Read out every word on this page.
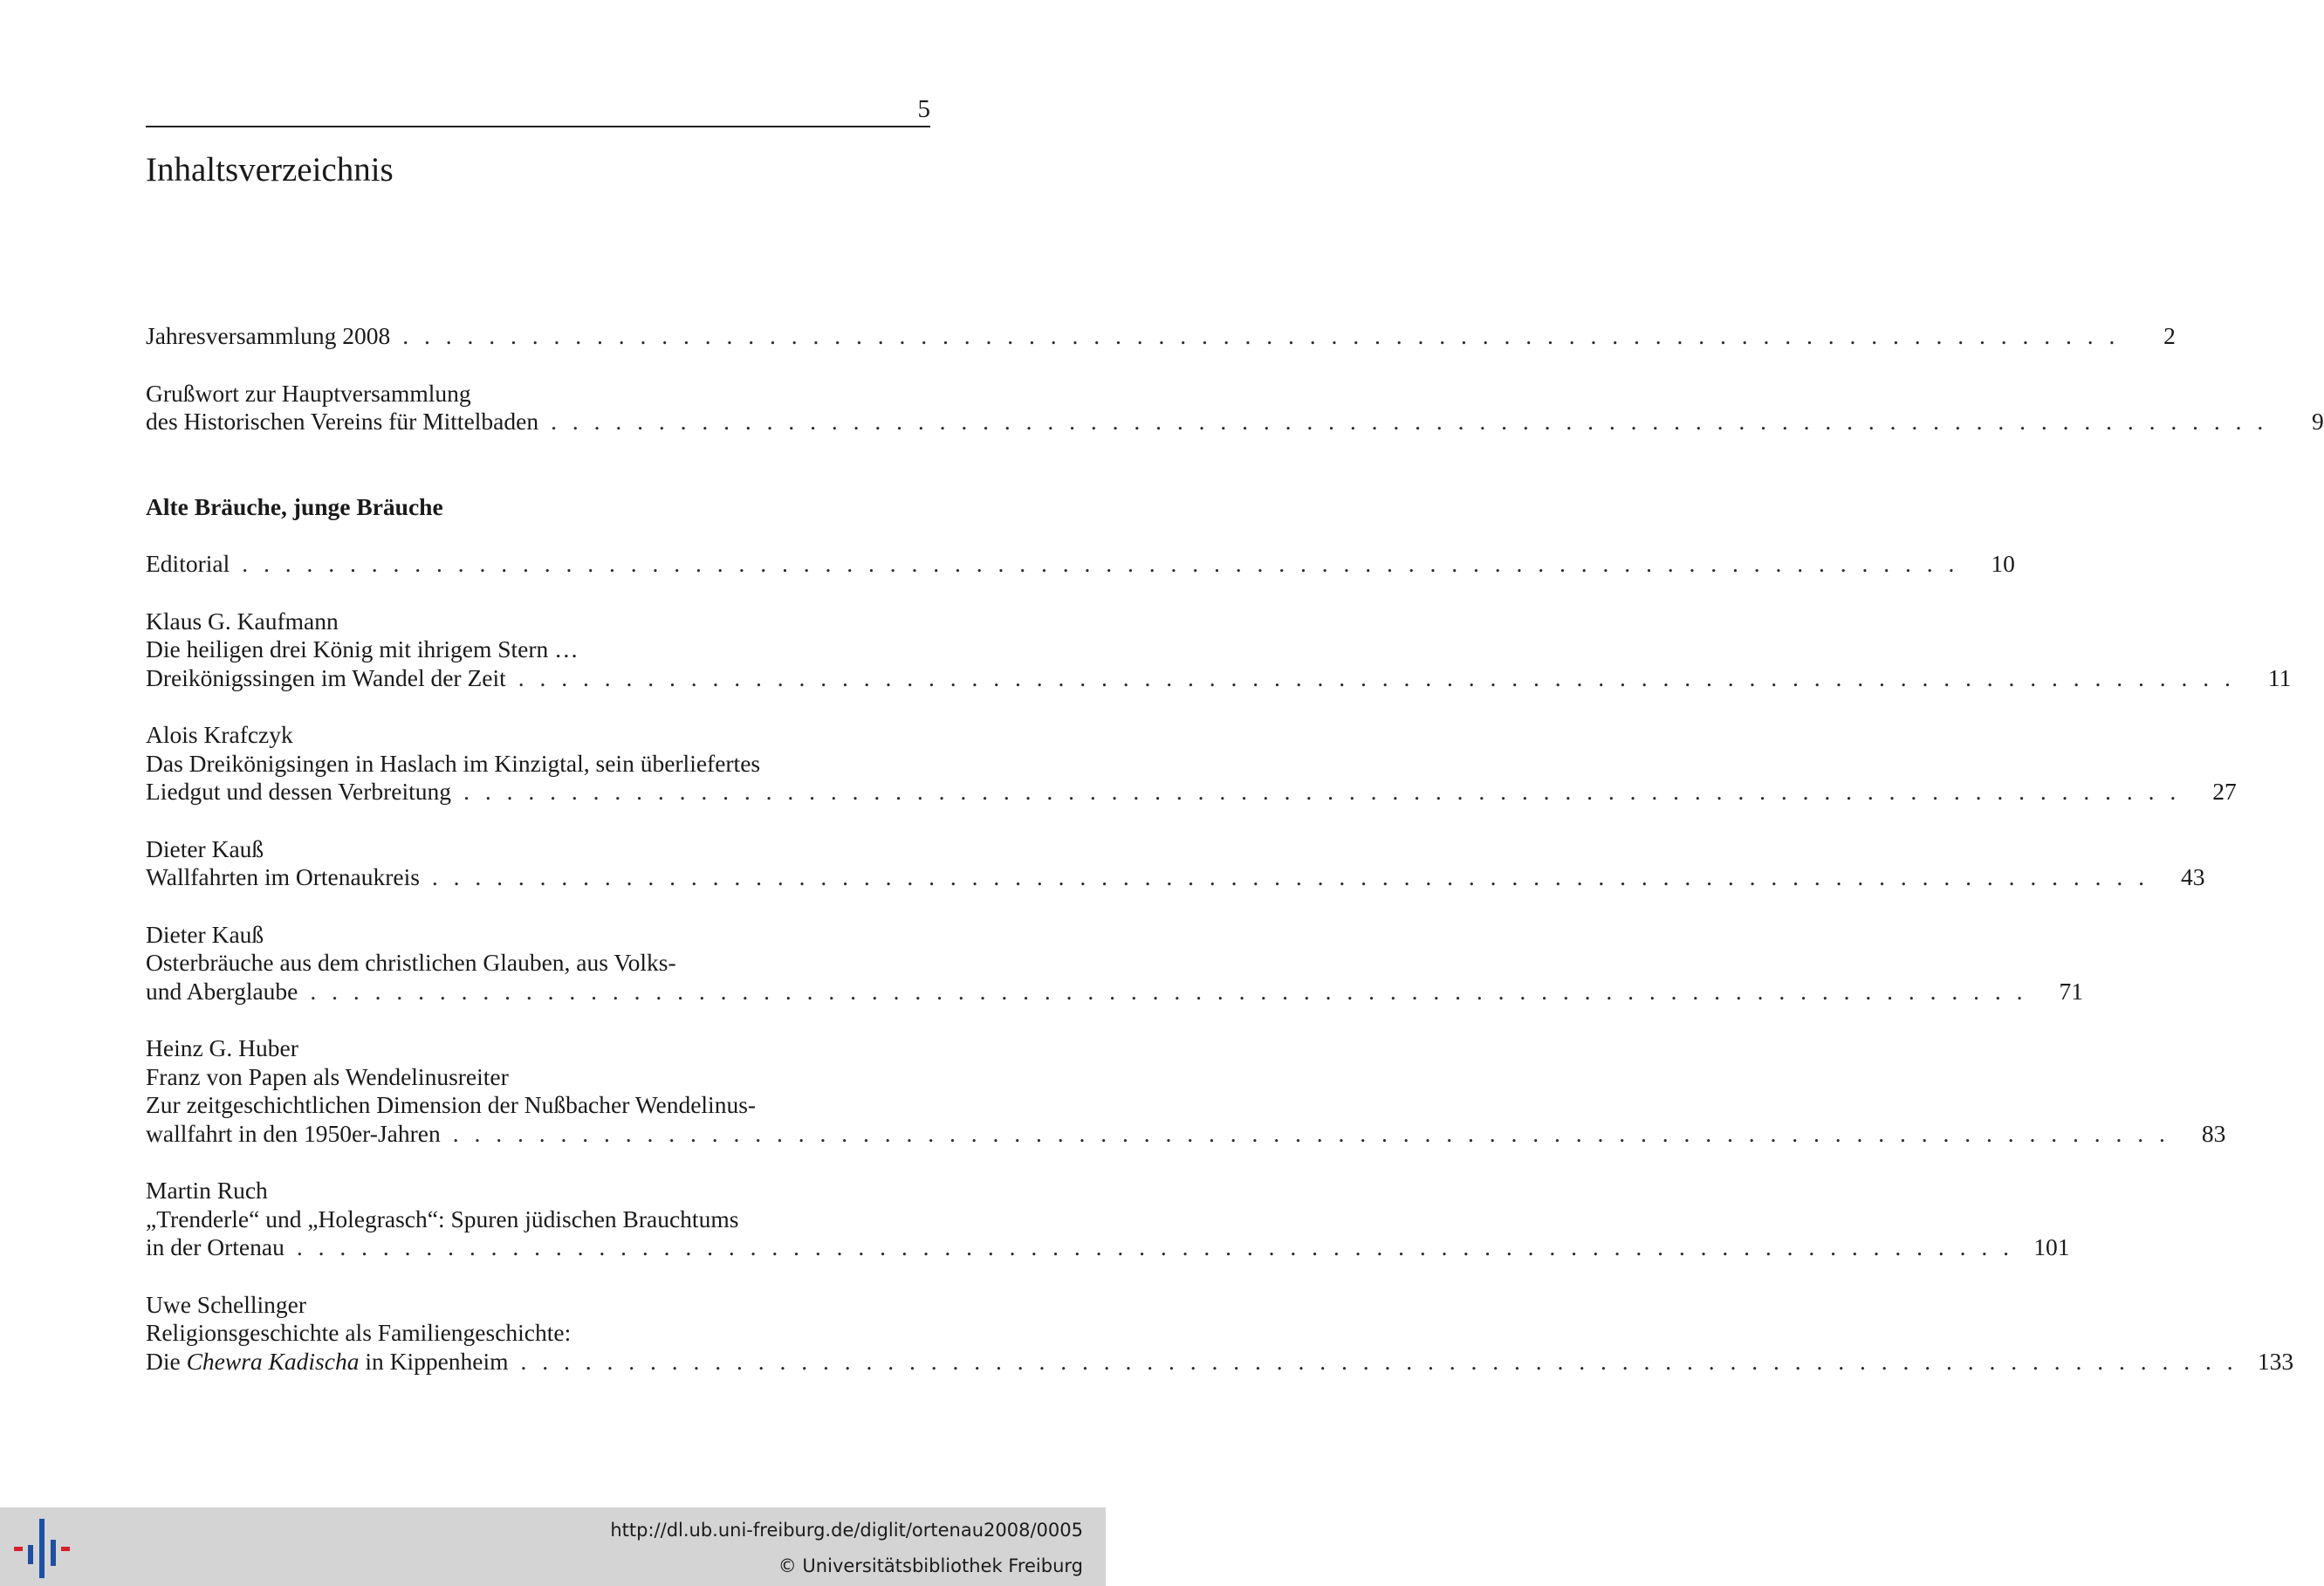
5
Inhaltsverzeichnis
Jahresversammlung 2008 . . . . . . . . . . . . . . . . . . . . . . . . . . . . . . . . . . . . . . . . . . . . . . . . . . . . . . . . . . . . . . . . . . . . . . . . . . . . . . . .	2
Grußwort zur Hauptversammlung
des Historischen Vereins für Mittelbaden . . . . . . . . . . . . . . . . . . . . . . . . . . . . . . . . . . . . . . . . . . . . . . . . . . . . . . . . . . . . . . . . . . . . . . . . . . . . . . . .	9
Alte Bräuche, junge Bräuche
Editorial . . . . . . . . . . . . . . . . . . . . . . . . . . . . . . . . . . . . . . . . . . . . . . . . . . . . . . . . . . . . . . . . . . . . . . . . . . . . . . . .	10
Klaus G. Kaufmann
Die heiligen drei König mit ihrigem Stern …
Dreikönigssingen im Wandel der Zeit . . . . . . . . . . . . . . . . . . . . . . . . . . . . . . . . . . . . . . . . . . . . . . . . . . . . . . . . . . . . . . . . . . . . . . . . . . . . . . . .	11
Alois Krafczyk
Das Dreikönigsingen in Haslach im Kinzigtal, sein überliefertes
Liedgut und dessen Verbreitung . . . . . . . . . . . . . . . . . . . . . . . . . . . . . . . . . . . . . . . . . . . . . . . . . . . . . . . . . . . . . . . . . . . . . . . . . . . . . . . .	27
Dieter Kauß
Wallfahrten im Ortenaukreis . . . . . . . . . . . . . . . . . . . . . . . . . . . . . . . . . . . . . . . . . . . . . . . . . . . . . . . . . . . . . . . . . . . . . . . . . . . . . . . .	43
Dieter Kauß
Osterbräuche aus dem christlichen Glauben, aus Volks-
und Aberglaube . . . . . . . . . . . . . . . . . . . . . . . . . . . . . . . . . . . . . . . . . . . . . . . . . . . . . . . . . . . . . . . . . . . . . . . . . . . . . . . .	71
Heinz G. Huber
Franz von Papen als Wendelinusreiter
Zur zeitgeschichtlichen Dimension der Nußbacher Wendelinus-
wallfahrt in den 1950er-Jahren . . . . . . . . . . . . . . . . . . . . . . . . . . . . . . . . . . . . . . . . . . . . . . . . . . . . . . . . . . . . . . . . . . . . . . . . . . . . . . . .	83
Martin Ruch
„Trenderle“ und „Holegrasch“: Spuren jüdischen Brauchtums
in der Ortenau . . . . . . . . . . . . . . . . . . . . . . . . . . . . . . . . . . . . . . . . . . . . . . . . . . . . . . . . . . . . . . . . . . . . . . . . . . . . . . . . 101
Uwe Schellinger
Religionsgeschichte als Familiengeschichte:
Die Chewra Kadischa in Kippenheim . . . . . . . . . . . . . . . . . . . . . . . . . . . . . . . . . . . . . . . . . . . . . . . . . . . . . . . . . . . . . . . . . . . . . . . . . . . . . . . . 133
http://dl.ub.uni-freiburg.de/diglit/ortenau2008/0005
© Universitätsbibliothek Freiburg
